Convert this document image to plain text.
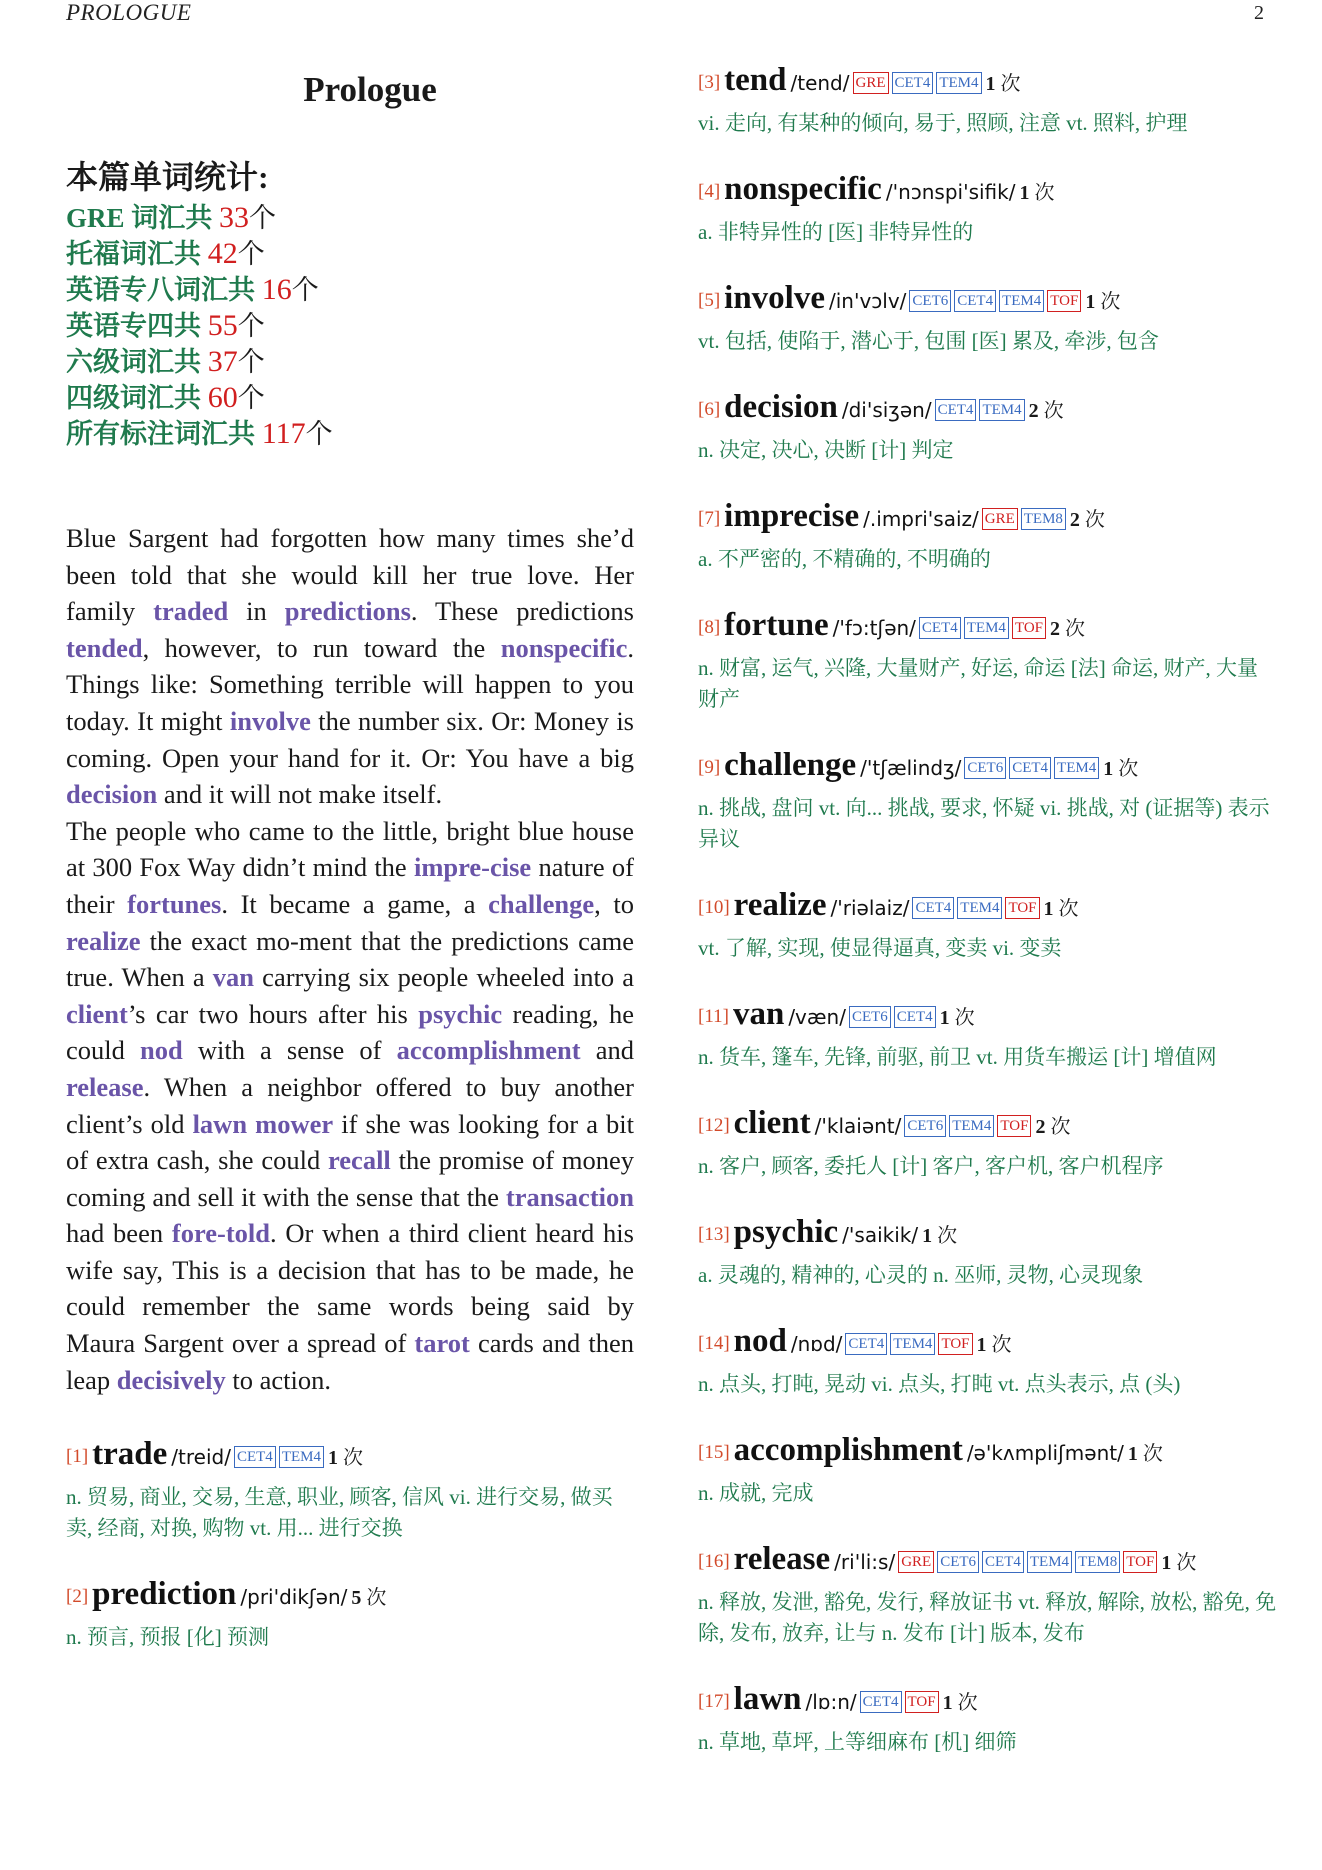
PROLOGUE	2
Prologue
本篇单词统计:
GRE 词汇共 33个
托福词汇共 42个
英语专八词汇共 16个
英语专四共 55个
六级词汇共 37个
四级词汇共 60个
所有标注词汇共 117个

Blue Sargent had forgotten how many times she’d been told that she would kill her true love. Her family traded in predictions. These predictions tended, however, to run toward the nonspecific. Things like: Something terrible will happen to you today. It might involve the number six. Or: Money is coming. Open your hand for it. Or: You have a big decision and it will not make itself.

The people who came to the little, bright blue house at 300 Fox Way didn’t mind the impre-cise nature of their fortunes. It became a game, a challenge, to realize the exact mo-ment that the predictions came true. When a van carrying six people wheeled into a client’s car two hours after his psychic reading, he could nod with a sense of accomplishment and release. When a neighbor offered to buy another client’s old lawn mower if she was looking for a bit of extra cash, she could recall the promise of money coming and sell it with the sense that the transaction had been fore-told. Or when a third client heard his wife say, This is a decision that has to be made, he could remember the same words being said by Maura Sargent over a spread of tarot cards and then leap decisively to action.

[1] trade /treid/ CET4 TEM4 1 次
n. 贸易, 商业, 交易, 生意, 职业, 顾客, 信风 vi. 进行交易, 做买卖, 经商, 对换, 购物 vt. 用... 进行交换
[2] prediction /pri'dikʃən/ 5 次
n. 预言, 预报 [化] 预测
[3] tend /tend/ GRE CET4 TEM4 1 次
vi. 走向, 有某种的倾向, 易于, 照顾, 注意 vt. 照料, 护理
[4] nonspecific /'nɔnspi'sifik/ 1 次
a. 非特异性的 [医] 非特异性的
[5] involve /in'vɔlv/ CET6 CET4 TEM4 TOF 1 次
vt. 包括, 使陷于, 潜心于, 包围 [医] 累及, 牵涉, 包含
[6] decision /di'siʒən/ CET4 TEM4 2 次
n. 决定, 决心, 决断 [计] 判定
[7] imprecise /.impri'saiz/ GRE TEM8 2 次
a. 不严密的, 不精确的, 不明确的
[8] fortune /'fɔ:tʃən/ CET4 TEM4 TOF 2 次
n. 财富, 运气, 兴隆, 大量财产, 好运, 命运 [法] 命运, 财产, 大量财产
[9] challenge /'tʃælindʒ/ CET6 CET4 TEM4 1 次
n. 挑战, 盘问 vt. 向... 挑战, 要求, 怀疑 vi. 挑战, 对 (证据等) 表示异议
[10] realize /'riəlaiz/ CET4 TEM4 TOF 1 次
vt. 了解, 实现, 使显得逼真, 变卖 vi. 变卖
[11] van /væn/ CET6 CET4 1 次
n. 货车, 篷车, 先锋, 前驱, 前卫 vt. 用货车搬运 [计] 增值网
[12] client /'klaiənt/ CET6 TEM4 TOF 2 次
n. 客户, 顾客, 委托人 [计] 客户, 客户机, 客户机程序
[13] psychic /'saikik/ 1 次
a. 灵魂的, 精神的, 心灵的 n. 巫师, 灵物, 心灵现象
[14] nod /nɒd/ CET4 TEM4 TOF 1 次
n. 点头, 打盹, 晃动 vi. 点头, 打盹 vt. 点头表示, 点 (头)
[15] accomplishment /ə'kʌmpliʃmənt/ 1 次
n. 成就, 完成
[16] release /ri'li:s/ GRE CET6 CET4 TEM4 TEM8 TOF 1 次
n. 释放, 发泄, 豁免, 发行, 释放证书 vt. 释放, 解除, 放松, 豁免, 免除, 发布, 放弃, 让与 n. 发布 [计] 版本, 发布
[17] lawn /lɒ:n/ CET4 TOF 1 次
n. 草地, 草坪, 上等细麻布 [机] 细筛
